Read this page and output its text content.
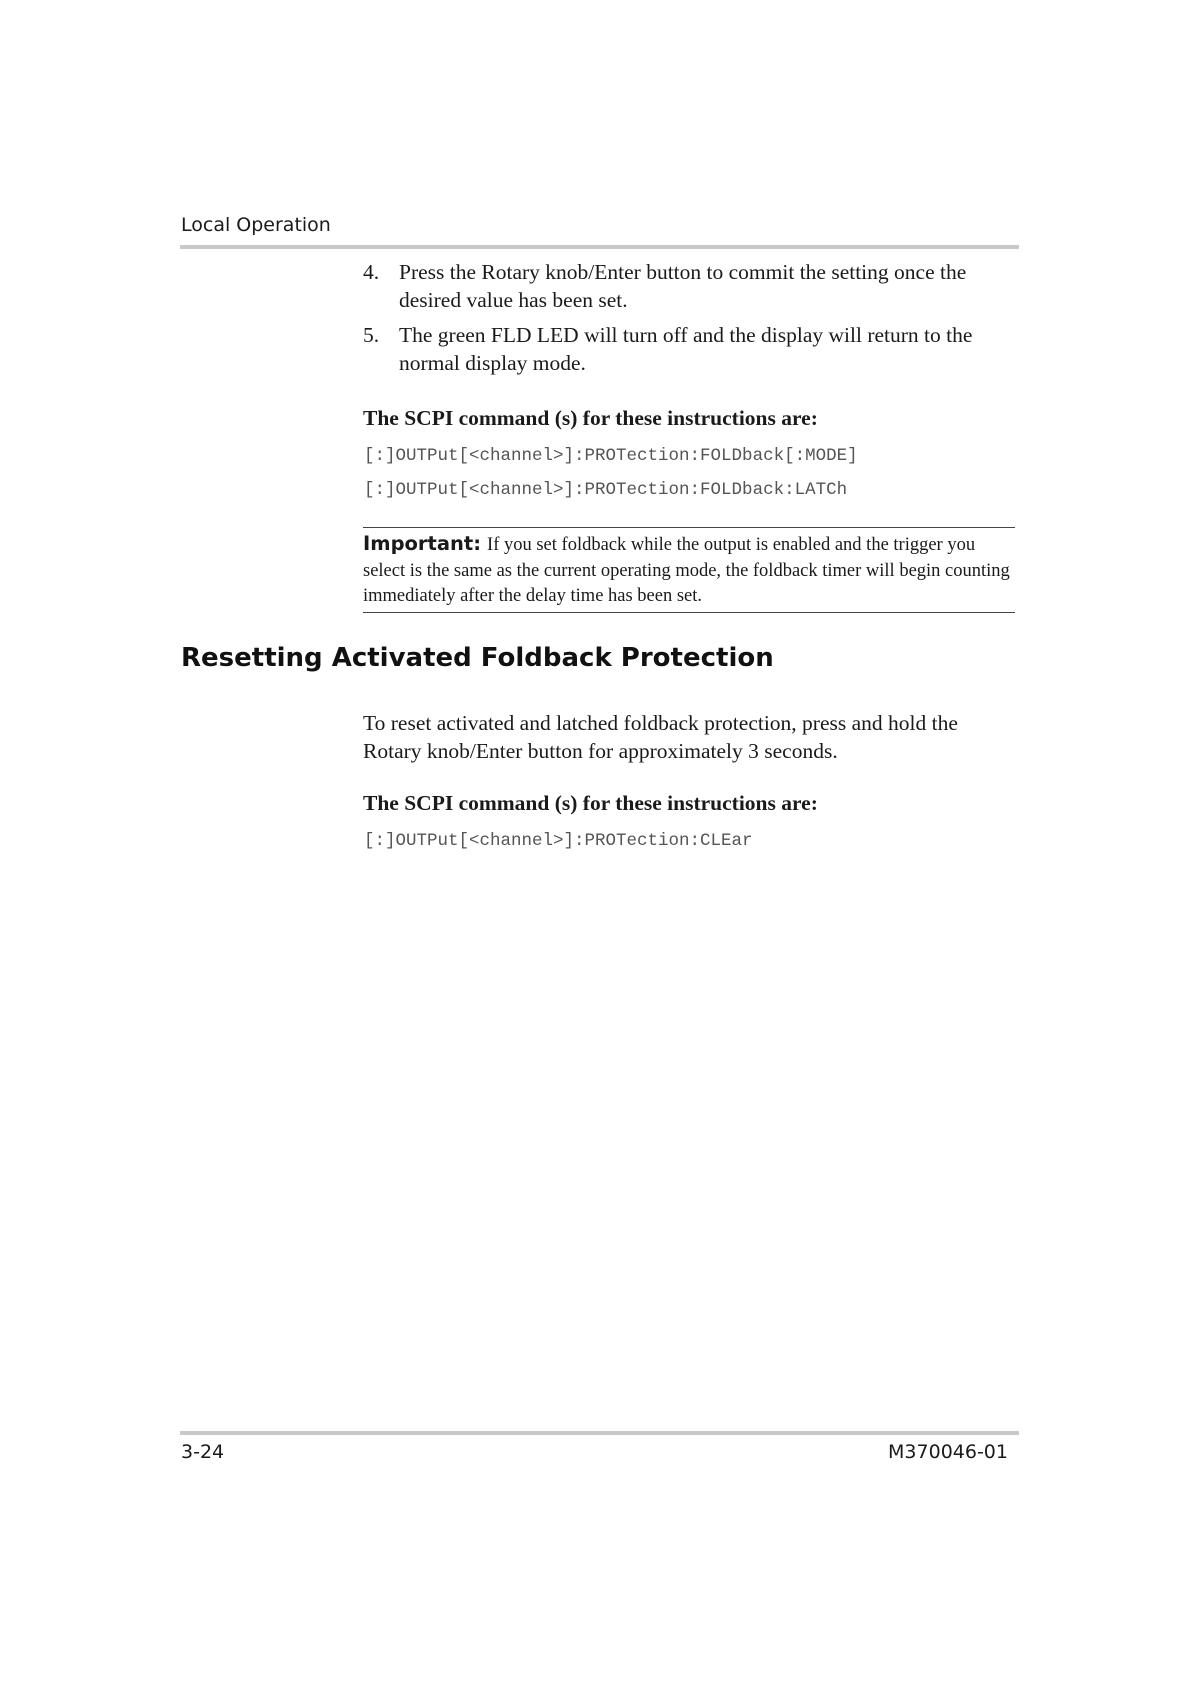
Local Operation
4. Press the Rotary knob/Enter button to commit the setting once the desired value has been set.
5. The green FLD LED will turn off and the display will return to the normal display mode.
The SCPI command (s) for these instructions are:
[:]OUTPut[<channel>]:PROTection:FOLDback[:MODE]
[:]OUTPut[<channel>]:PROTection:FOLDback:LATCh
Important: If you set foldback while the output is enabled and the trigger you select is the same as the current operating mode, the foldback timer will begin counting immediately after the delay time has been set.
Resetting Activated Foldback Protection
To reset activated and latched foldback protection, press and hold the Rotary knob/Enter button for approximately 3 seconds.
The SCPI command (s) for these instructions are:
[:]OUTPut[<channel>]:PROTection:CLEar
3-24	M370046-01
